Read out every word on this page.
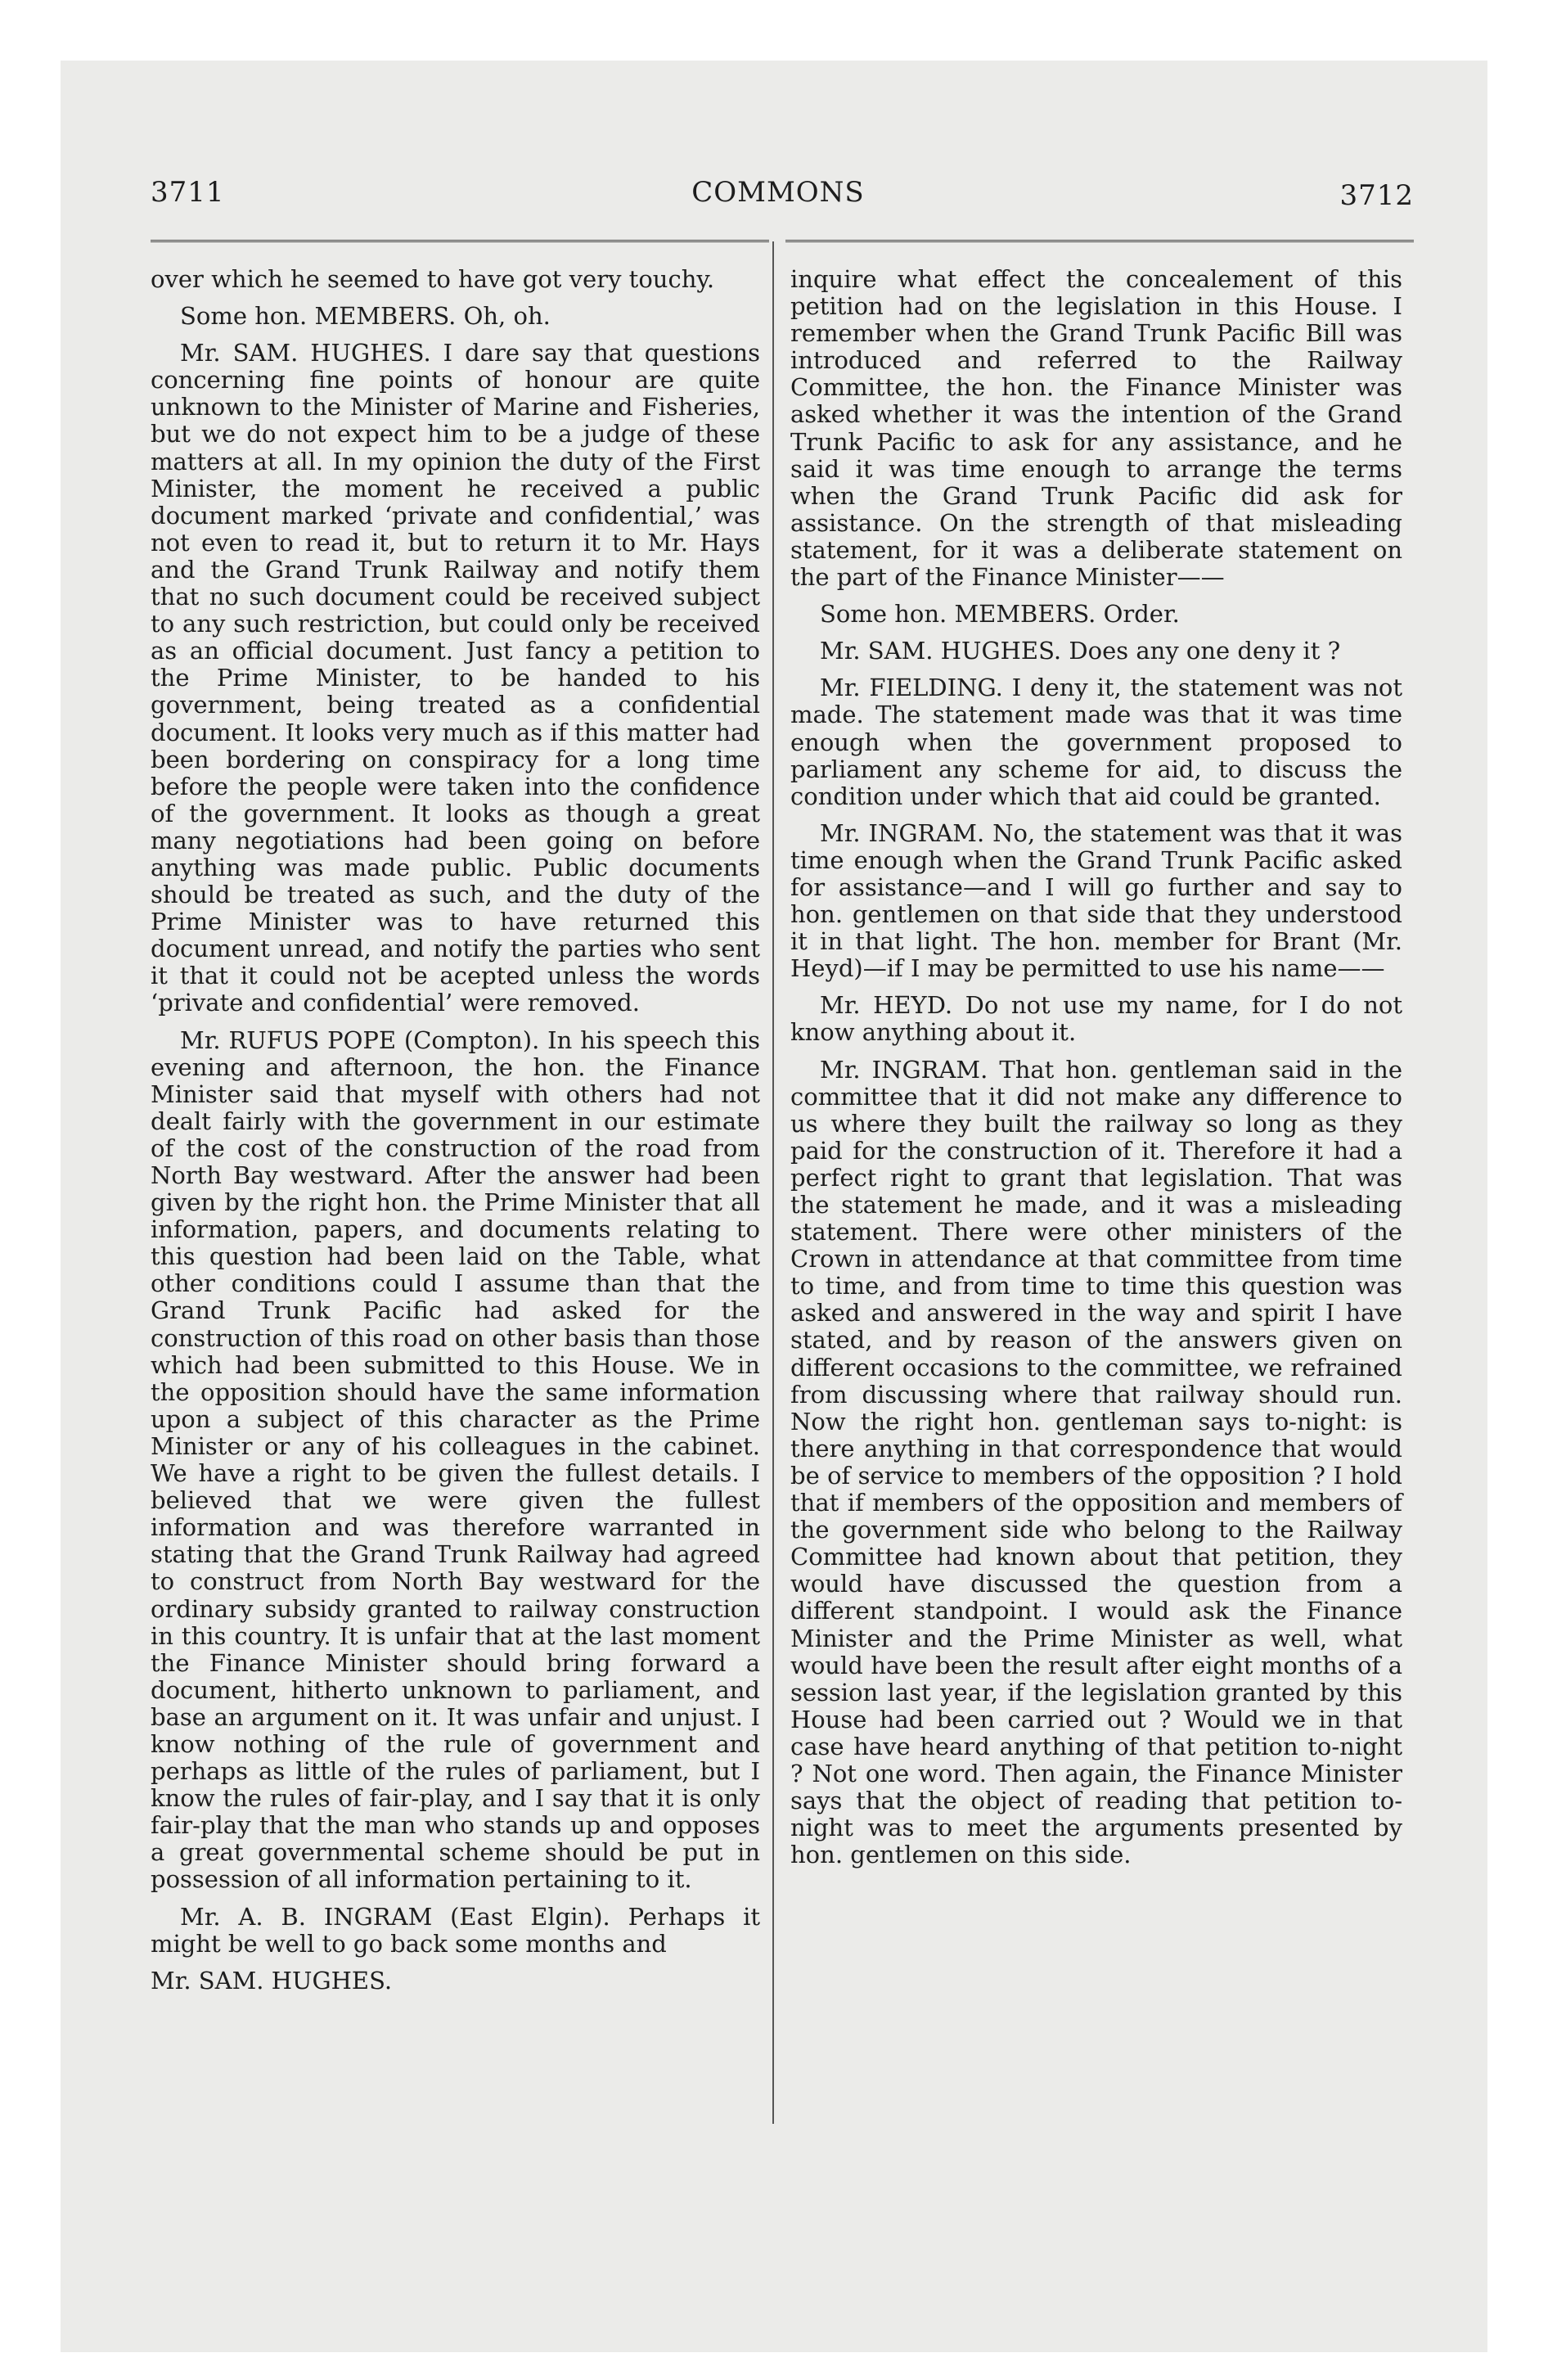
3711	COMMONS	3712

over which he seemed to have got very touchy.

Some hon. MEMBERS. Oh, oh.

Mr. SAM. HUGHES. I dare say that questions concerning fine points of honour are quite unknown to the Minister of Marine and Fisheries, but we do not expect him to be a judge of these matters at all. In my opinion the duty of the First Minister, the moment he received a public document marked ‘private and confidential,’ was not even to read it, but to return it to Mr. Hays and the Grand Trunk Railway and notify them that no such document could be received subject to any such restriction, but could only be received as an official document. Just fancy a petition to the Prime Minister, to be handed to his government, being treated as a confidential document. It looks very much as if this matter had been bordering on conspiracy for a long time before the people were taken into the confidence of the government. It looks as though a great many negotiations had been going on before anything was made public. Public documents should be treated as such, and the duty of the Prime Minister was to have returned this document unread, and notify the parties who sent it that it could not be acepted unless the words ‘private and confidential’ were removed.

Mr. RUFUS POPE (Compton). In his speech this evening and afternoon, the hon. the Finance Minister said that myself with others had not dealt fairly with the government in our estimate of the cost of the construction of the road from North Bay westward. After the answer had been given by the right hon. the Prime Minister that all information, papers, and documents relating to this question had been laid on the Table, what other conditions could I assume than that the Grand Trunk Pacific had asked for the construction of this road on other basis than those which had been submitted to this House. We in the opposition should have the same information upon a subject of this character as the Prime Minister or any of his colleagues in the cabinet. We have a right to be given the fullest details. I believed that we were given the fullest information and was therefore warranted in stating that the Grand Trunk Railway had agreed to construct from North Bay westward for the ordinary subsidy granted to railway construction in this country. It is unfair that at the last moment the Finance Minister should bring forward a document, hitherto unknown to parliament, and base an argument on it. It was unfair and unjust. I know nothing of the rule of government and perhaps as little of the rules of parliament, but I know the rules of fair-play, and I say that it is only fair-play that the man who stands up and opposes a great governmental scheme should be put in possession of all information pertaining to it.

Mr. A. B. INGRAM (East Elgin). Perhaps it might be well to go back some months and

Mr. SAM. HUGHES.

inquire what effect the concealement of this petition had on the legislation in this House. I remember when the Grand Trunk Pacific Bill was introduced and referred to the Railway Committee, the hon. the Finance Minister was asked whether it was the intention of the Grand Trunk Pacific to ask for any assistance, and he said it was time enough to arrange the terms when the Grand Trunk Pacific did ask for assistance. On the strength of that misleading statement, for it was a deliberate statement on the part of the Finance Minister——

Some hon. MEMBERS. Order.

Mr. SAM. HUGHES. Does any one deny it ?

Mr. FIELDING. I deny it, the statement was not made. The statement made was that it was time enough when the government proposed to parliament any scheme for aid, to discuss the condition under which that aid could be granted.

Mr. INGRAM. No, the statement was that it was time enough when the Grand Trunk Pacific asked for assistance—and I will go further and say to hon. gentlemen on that side that they understood it in that light. The hon. member for Brant (Mr. Heyd)—if I may be permitted to use his name——

Mr. HEYD. Do not use my name, for I do not know anything about it.

Mr. INGRAM. That hon. gentleman said in the committee that it did not make any difference to us where they built the railway so long as they paid for the construction of it. Therefore it had a perfect right to grant that legislation. That was the statement he made, and it was a misleading statement. There were other ministers of the Crown in attendance at that committee from time to time, and from time to time this question was asked and answered in the way and spirit I have stated, and by reason of the answers given on different occasions to the committee, we refrained from discussing where that railway should run. Now the right hon. gentleman says to-night: is there anything in that correspondence that would be of service to members of the opposition ? I hold that if members of the opposition and members of the government side who belong to the Railway Committee had known about that petition, they would have discussed the question from a different standpoint. I would ask the Finance Minister and the Prime Minister as well, what would have been the result after eight months of a session last year, if the legislation granted by this House had been carried out ? Would we in that case have heard anything of that petition to-night ? Not one word. Then again, the Finance Minister says that the object of reading that petition to-night was to meet the arguments presented by hon. gentlemen on this side.
